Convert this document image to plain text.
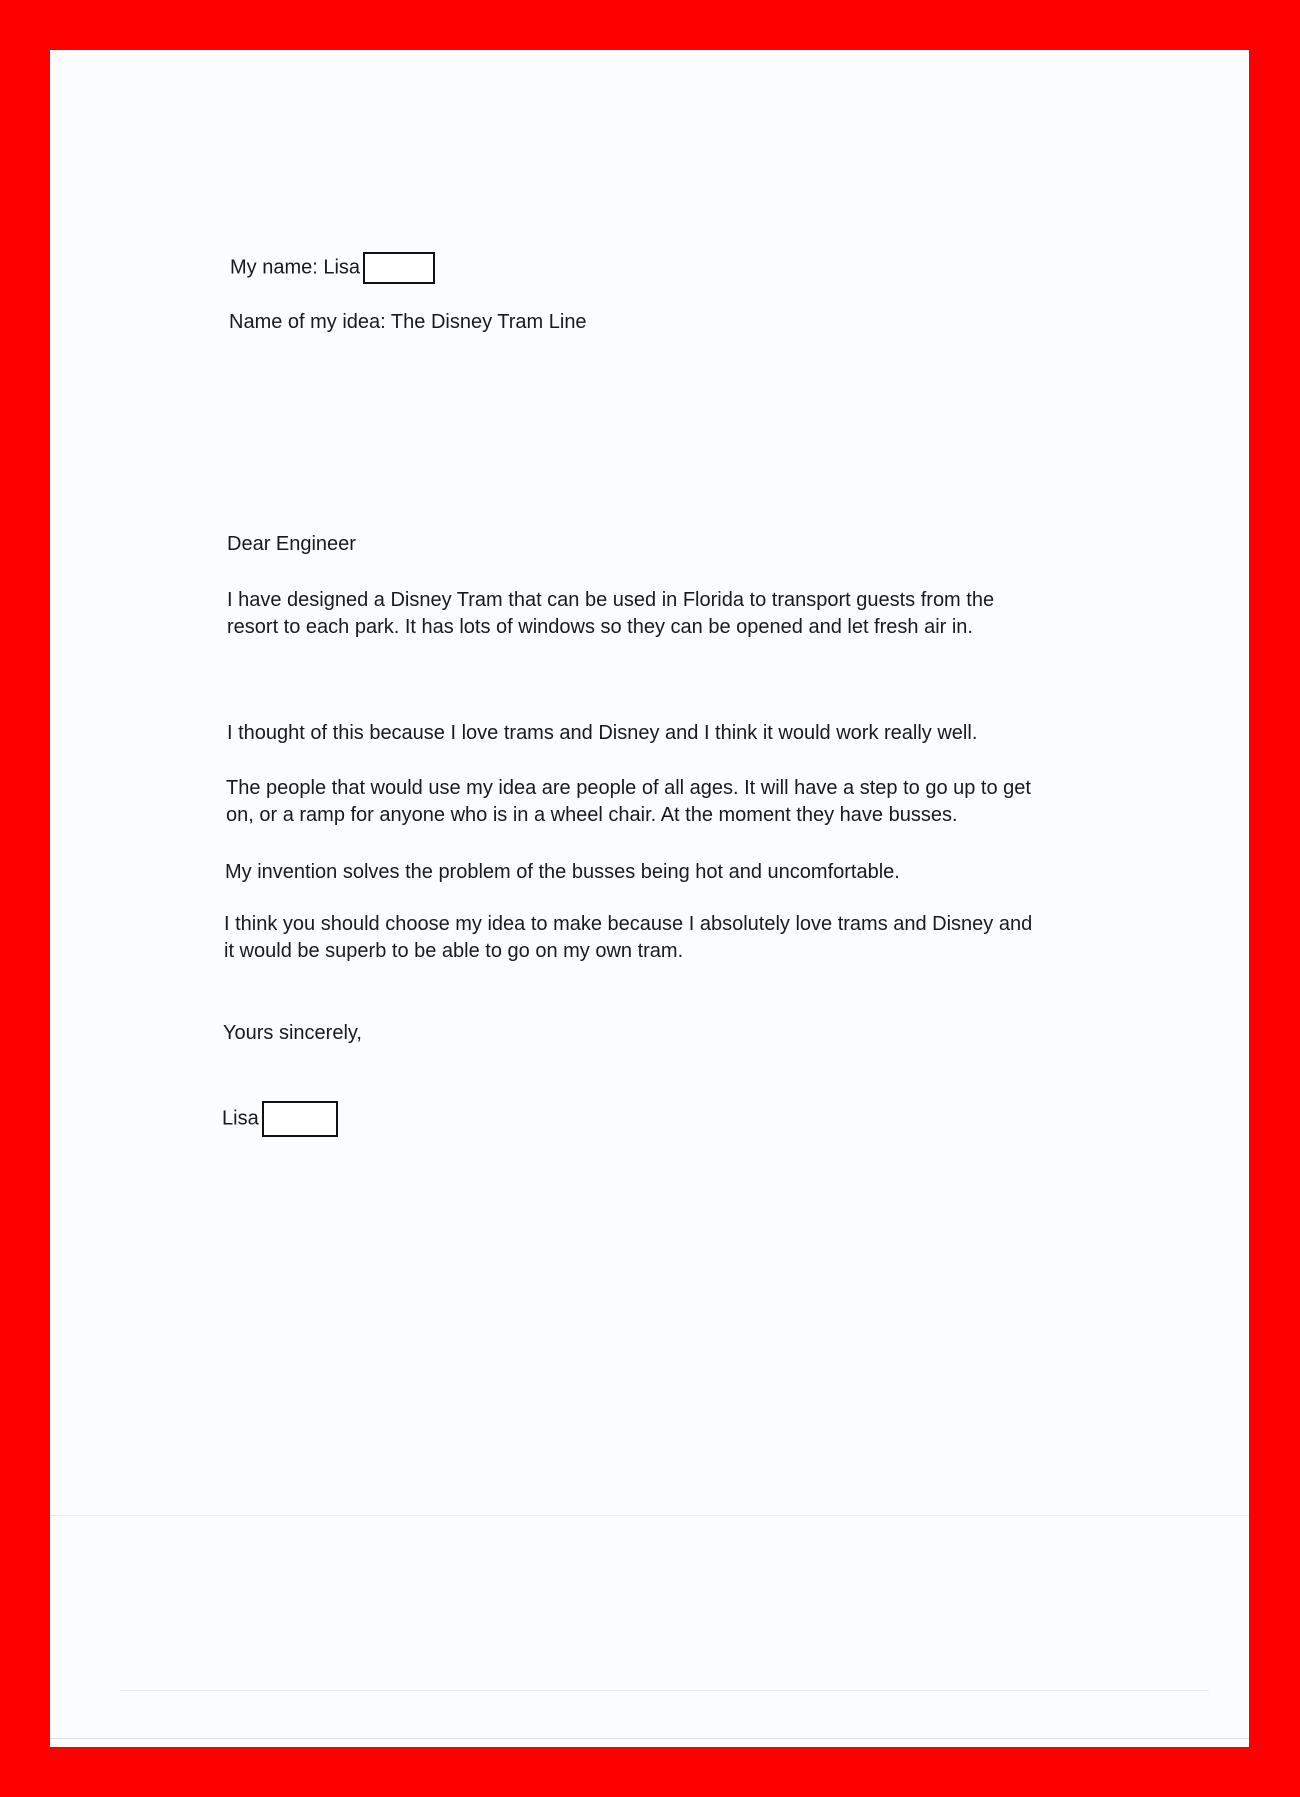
My name: Lisa

Name of my idea: The Disney Tram Line

Dear Engineer

I have designed a Disney Tram that can be used in Florida to transport guests from the
resort to each park. It has lots of windows so they can be opened and let fresh air in.
I thought of this because I love trams and Disney and I think it would work really well.
The people that would use my idea are people of all ages. It will have a step to go up to get
on, or a ramp for anyone who is in a wheel chair. At the moment they have busses.
My invention solves the problem of the busses being hot and uncomfortable.
I think you should choose my idea to make because I absolutely love trams and Disney and
it would be superb to be able to go on my own tram.

Yours sincerely,

Lisa
